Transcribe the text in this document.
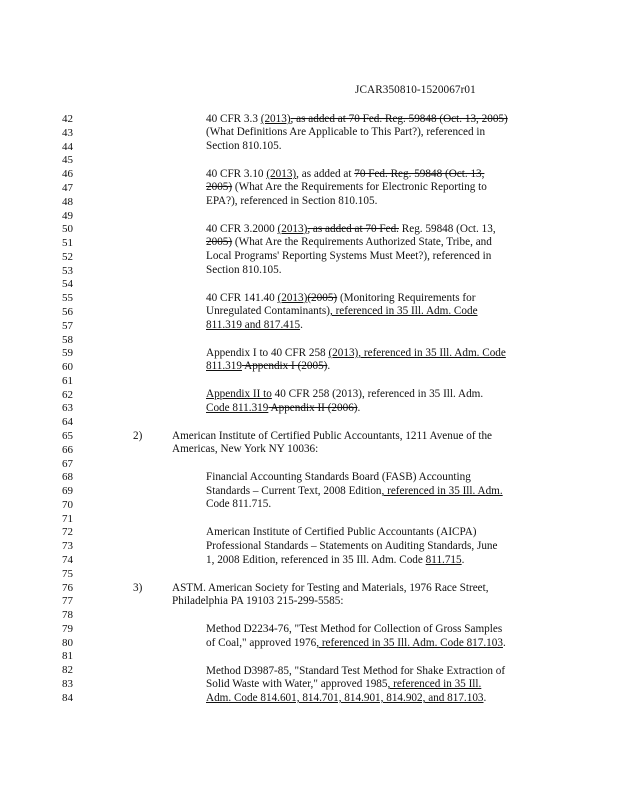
JCAR350810-1520067r01
42
43
44
45
46
47
48
49
50
51
52
53
54
55
56
57
58
59
60
61
62
63
64
65
66
67
68
69
70
71
72
73
74
75
76
77
78
79
80
81
82
83
84
40 CFR 3.3 (2013), as added at 70 Fed. Reg. 59848 (Oct. 13, 2005)
(What Definitions Are Applicable to This Part?), referenced in
Section 810.105.
40 CFR 3.10 (2013), as added at 70 Fed. Reg. 59848 (Oct. 13,
2005) (What Are the Requirements for Electronic Reporting to
EPA?), referenced in Section 810.105.
40 CFR 3.2000 (2013), as added at 70 Fed. Reg. 59848 (Oct. 13,
2005) (What Are the Requirements Authorized State, Tribe, and
Local Programs' Reporting Systems Must Meet?), referenced in
Section 810.105.
40 CFR 141.40 (2013)(2005) (Monitoring Requirements for
Unregulated Contaminants), referenced in 35 Ill. Adm. Code
811.319 and 817.415.
Appendix I to 40 CFR 258 (2013), referenced in 35 Ill. Adm. Code
811.319 Appendix I (2005).
Appendix II to 40 CFR 258 (2013), referenced in 35 Ill. Adm.
Code 811.319 Appendix II (2006).
2)	American Institute of Certified Public Accountants, 1211 Avenue of the
Americas, New York NY 10036:
Financial Accounting Standards Board (FASB) Accounting
Standards – Current Text, 2008 Edition, referenced in 35 Ill. Adm.
Code 811.715.
American Institute of Certified Public Accountants (AICPA)
Professional Standards – Statements on Auditing Standards, June
1, 2008 Edition, referenced in 35 Ill. Adm. Code 811.715.
3)	ASTM. American Society for Testing and Materials, 1976 Race Street,
Philadelphia PA 19103 215-299-5585:
Method D2234-76, "Test Method for Collection of Gross Samples
of Coal," approved 1976, referenced in 35 Ill. Adm. Code 817.103.
Method D3987-85, "Standard Test Method for Shake Extraction of
Solid Waste with Water," approved 1985, referenced in 35 Ill.
Adm. Code 814.601, 814.701, 814.901, 814.902, and 817.103.
